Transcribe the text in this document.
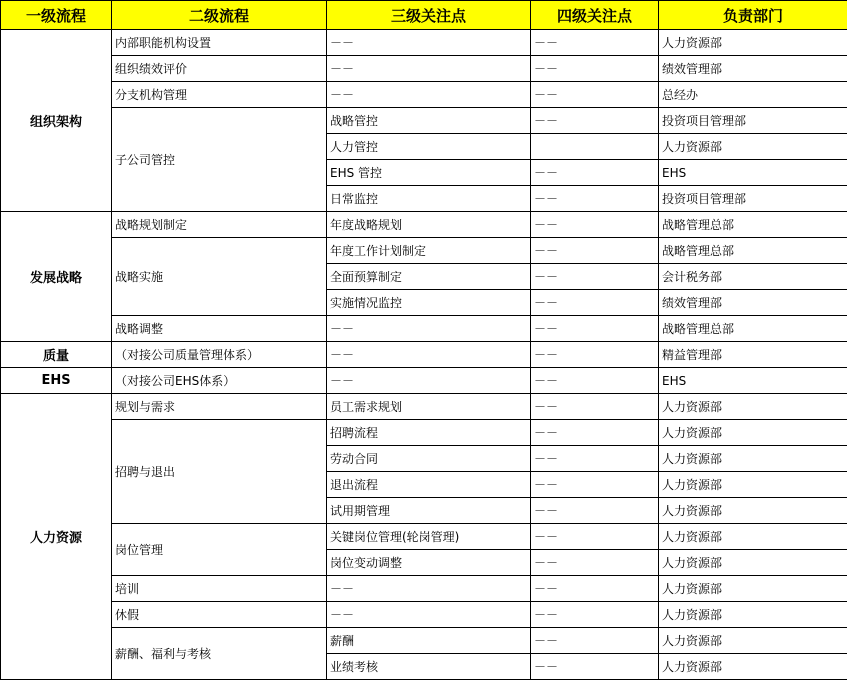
一级流程	二级流程	三级关注点	四级关注点	负责部门
组织架构	内部职能机构设置	－－	－－	人力资源部
	组织绩效评价	－－	－－	绩效管理部
	分支机构管理	－－	－－	总经办
	子公司管控	战略管控	－－	投资项目管理部
		人力管控		人力资源部
		EHS 管控	－－	EHS
		日常监控	－－	投资项目管理部
发展战略	战略规划制定	年度战略规划	－－	战略管理总部
	战略实施	年度工作计划制定	－－	战略管理总部
		全面预算制定	－－	会计税务部
		实施情况监控	－－	绩效管理部
	战略调整	－－	－－	战略管理总部
质量	（对接公司质量管理体系）	－－	－－	精益管理部
EHS	（对接公司EHS体系）	－－	－－	EHS
人力资源	规划与需求	员工需求规划	－－	人力资源部
	招聘与退出	招聘流程	－－	人力资源部
		劳动合同	－－	人力资源部
		退出流程	－－	人力资源部
		试用期管理	－－	人力资源部
	岗位管理	关键岗位管理(轮岗管理)	－－	人力资源部
		岗位变动调整	－－	人力资源部
	培训	－－	－－	人力资源部
	休假	－－	－－	人力资源部
	薪酬、福利与考核	薪酬	－－	人力资源部
		业绩考核	－－	人力资源部
